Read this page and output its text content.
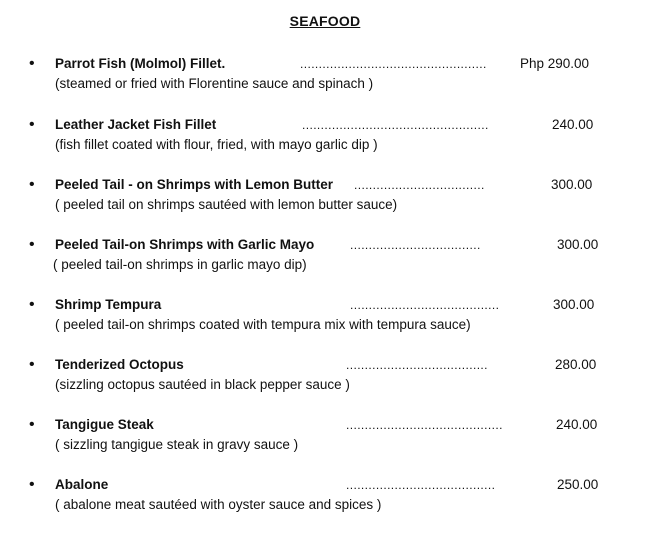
SEAFOOD
• Parrot Fish (Molmol) Fillet.	..................................................	Php 290.00
(steamed or fried with Florentine sauce and spinach )
• Leather Jacket Fish Fillet	..................................................	240.00
(fish fillet coated with flour, fried, with mayo garlic dip )
• Peeled Tail - on Shrimps with Lemon Butter ...................................	300.00
( peeled tail on shrimps sautéed with lemon butter sauce)
• Peeled Tail-on Shrimps with Garlic Mayo	...................................	300.00
( peeled tail-on shrimps in garlic mayo dip)
• Shrimp Tempura	........................................	300.00
( peeled tail-on shrimps coated with tempura mix with tempura sauce)
• Tenderized Octopus	......................................	280.00
(sizzling octopus sautéed in black pepper sauce )
• Tangigue Steak	..........................................	240.00
( sizzling tangigue steak in gravy sauce )
• Abalone	........................................	250.00
( abalone meat sautéed with oyster sauce and spices )
